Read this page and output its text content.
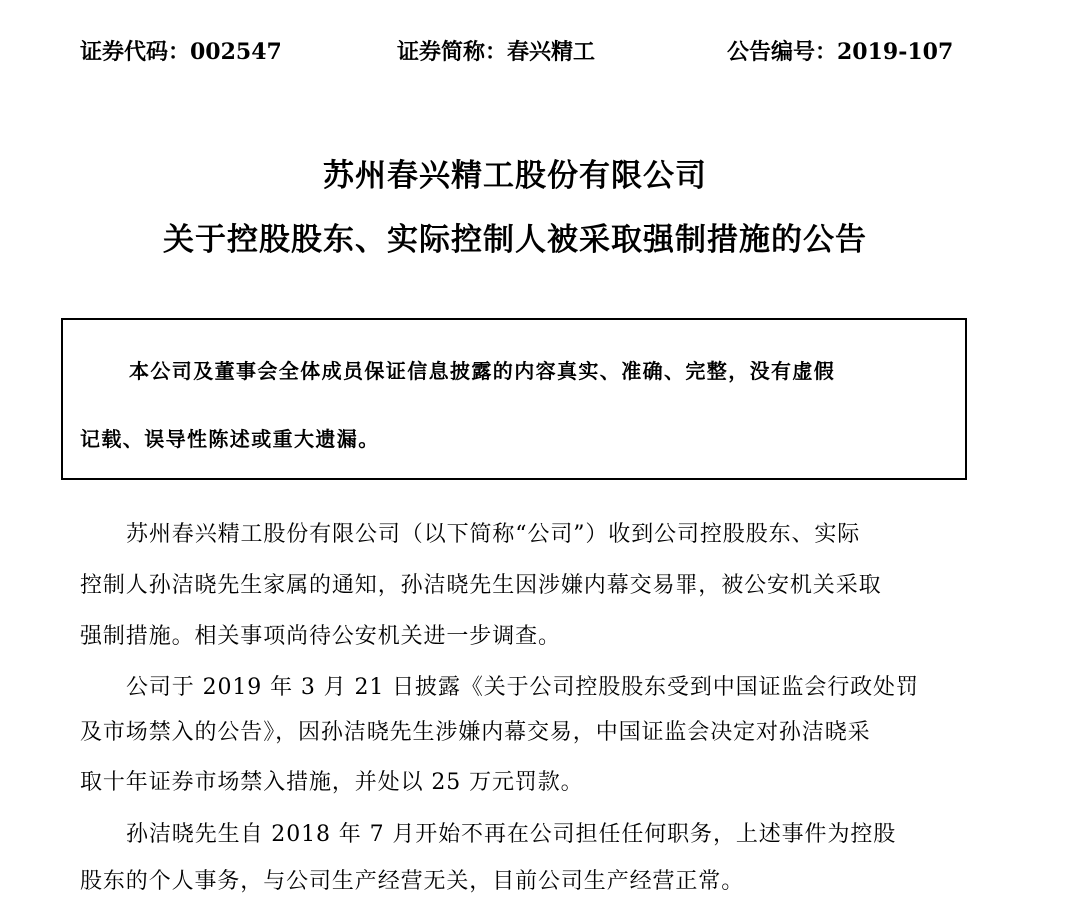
证券代码：002547	证券简称：春兴精工	公告编号：2019-107
苏州春兴精工股份有限公司
关于控股股东、实际控制人被采取强制措施的公告
本公司及董事会全体成员保证信息披露的内容真实、准确、完整，没有虚假
记载、误导性陈述或重大遗漏。
苏州春兴精工股份有限公司（以下简称“公司”）收到公司控股股东、实际
控制人孙洁晓先生家属的通知，孙洁晓先生因涉嫌内幕交易罪，被公安机关采取
强制措施。相关事项尚待公安机关进一步调查。
公司于 2019 年 3 月 21 日披露《关于公司控股股东受到中国证监会行政处罚
及市场禁入的公告》，因孙洁晓先生涉嫌内幕交易，中国证监会决定对孙洁晓采
取十年证券市场禁入措施，并处以 25 万元罚款。
孙洁晓先生自 2018 年 7 月开始不再在公司担任任何职务，上述事件为控股
股东的个人事务，与公司生产经营无关，目前公司生产经营正常。
